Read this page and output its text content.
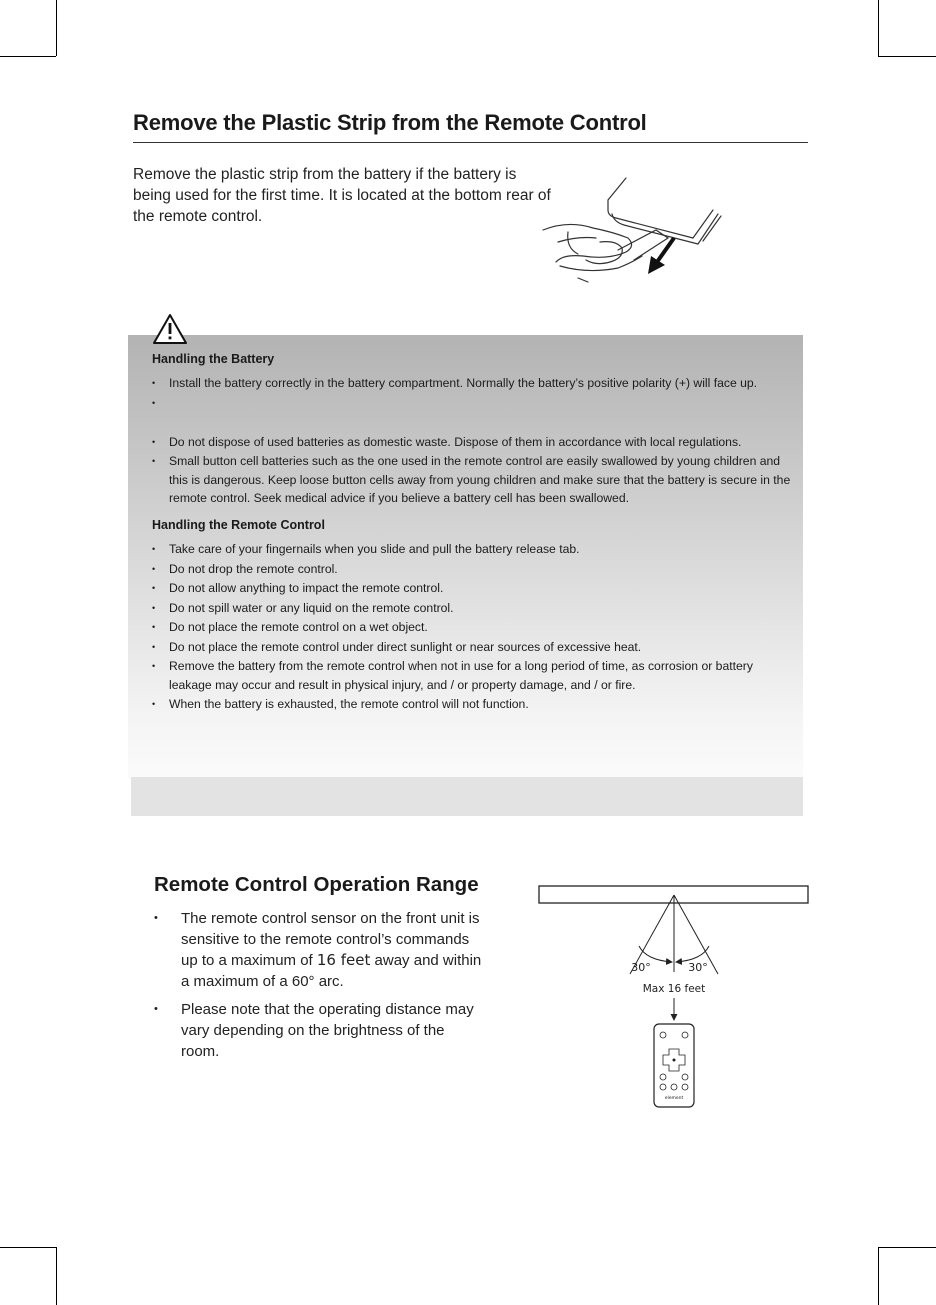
Remove the Plastic Strip from the Remote Control
Remove the plastic strip from the battery if the battery is being used for the first time. It is located at the bottom rear of the remote control.
Handling the Battery
• Install the battery correctly in the battery compartment. Normally the battery’s positive polarity (+) will face up.
•
• Do not dispose of used batteries as domestic waste. Dispose of them in accordance with local regulations.
• Small button cell batteries such as the one used in the remote control are easily swallowed by young children and this is dangerous. Keep loose button cells away from young children and make sure that the battery is secure in the remote control. Seek medical advice if you believe a battery cell has been swallowed.
Handling the Remote Control
• Take care of your fingernails when you slide and pull the battery release tab.
• Do not drop the remote control.
• Do not allow anything to impact the remote control.
• Do not spill water or any liquid on the remote control.
• Do not place the remote control on a wet object.
• Do not place the remote control under direct sunlight or near sources of excessive heat.
• Remove the battery from the remote control when not in use for a long period of time, as corrosion or battery leakage may occur and result in physical injury, and / or property damage, and / or fire.
• When the battery is exhausted, the remote control will not function.
Remote Control Operation Range
• The remote control sensor on the front unit is sensitive to the remote control’s commands up to a maximum of 16 feet away and within a maximum of a 60° arc.
• Please note that the operating distance may vary depending on the brightness of the room.
30°	30°
Max 16 feet
element
